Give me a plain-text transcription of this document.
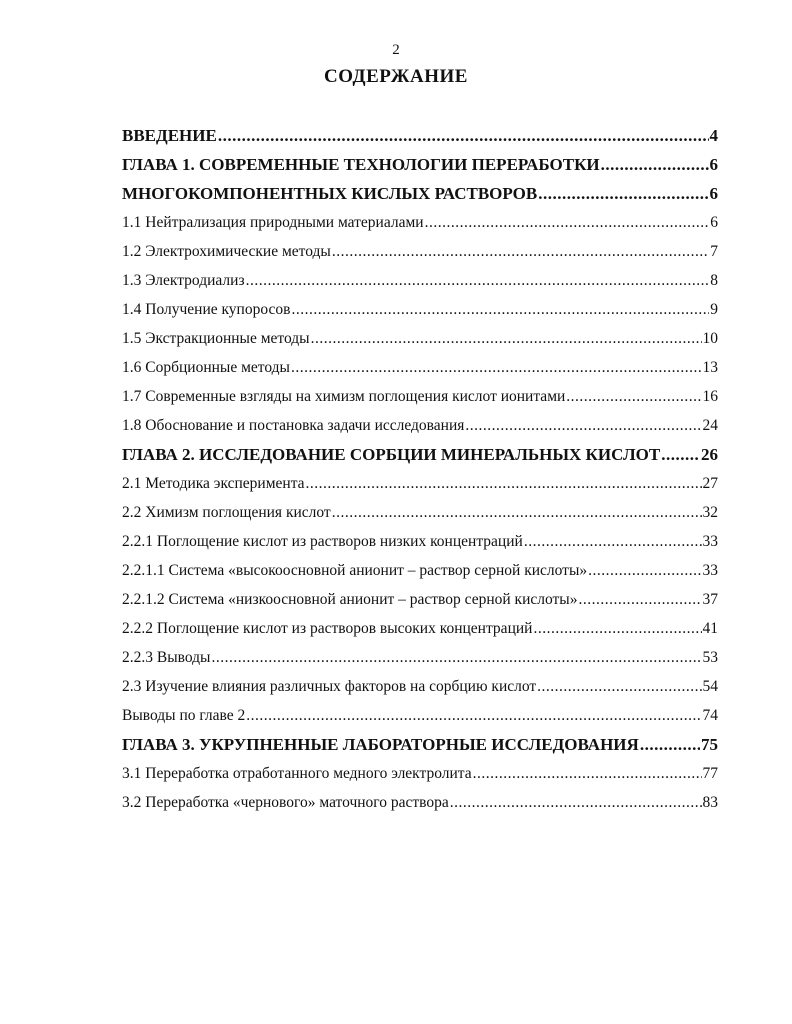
2
СОДЕРЖАНИЕ
ВВЕДЕНИЕ .....	4
ГЛАВА 1. СОВРЕМЕННЫЕ ТЕХНОЛОГИИ ПЕРЕРАБОТКИ .....	6
МНОГОКОМПОНЕНТНЫХ КИСЛЫХ РАСТВОРОВ .....	6
1.1 Нейтрализация природными материалами .....	6
1.2 Электрохимические методы .....	7
1.3 Электродиализ .....	8
1.4 Получение купоросов .....	9
1.5 Экстракционные методы .....	10
1.6 Сорбционные методы .....	13
1.7 Современные взгляды на химизм поглощения кислот ионитами .....	16
1.8 Обоснование и постановка задачи исследования .....	24
ГЛАВА 2. ИССЛЕДОВАНИЕ СОРБЦИИ МИНЕРАЛЬНЫХ КИСЛОТ ..... 26
2.1 Методика эксперимента .....	27
2.2 Химизм поглощения кислот .....	32
2.2.1 Поглощение кислот из растворов низких концентраций .....	33
2.2.1.1 Система «высокоосновной анионит – раствор серной кислоты» .....	33
2.2.1.2 Система «низкоосновной анионит – раствор серной кислоты» .....	37
2.2.2 Поглощение кислот из растворов высоких концентраций .....	41
2.2.3 Выводы .....	53
2.3 Изучение влияния различных факторов на сорбцию кислот .....	54
Выводы по главе 2 .....	74
ГЛАВА 3. УКРУПНЕННЫЕ ЛАБОРАТОРНЫЕ ИССЛЕДОВАНИЯ .....	75
3.1 Переработка отработанного медного электролита .....	77
3.2 Переработка «чернового» маточного раствора .....	83
